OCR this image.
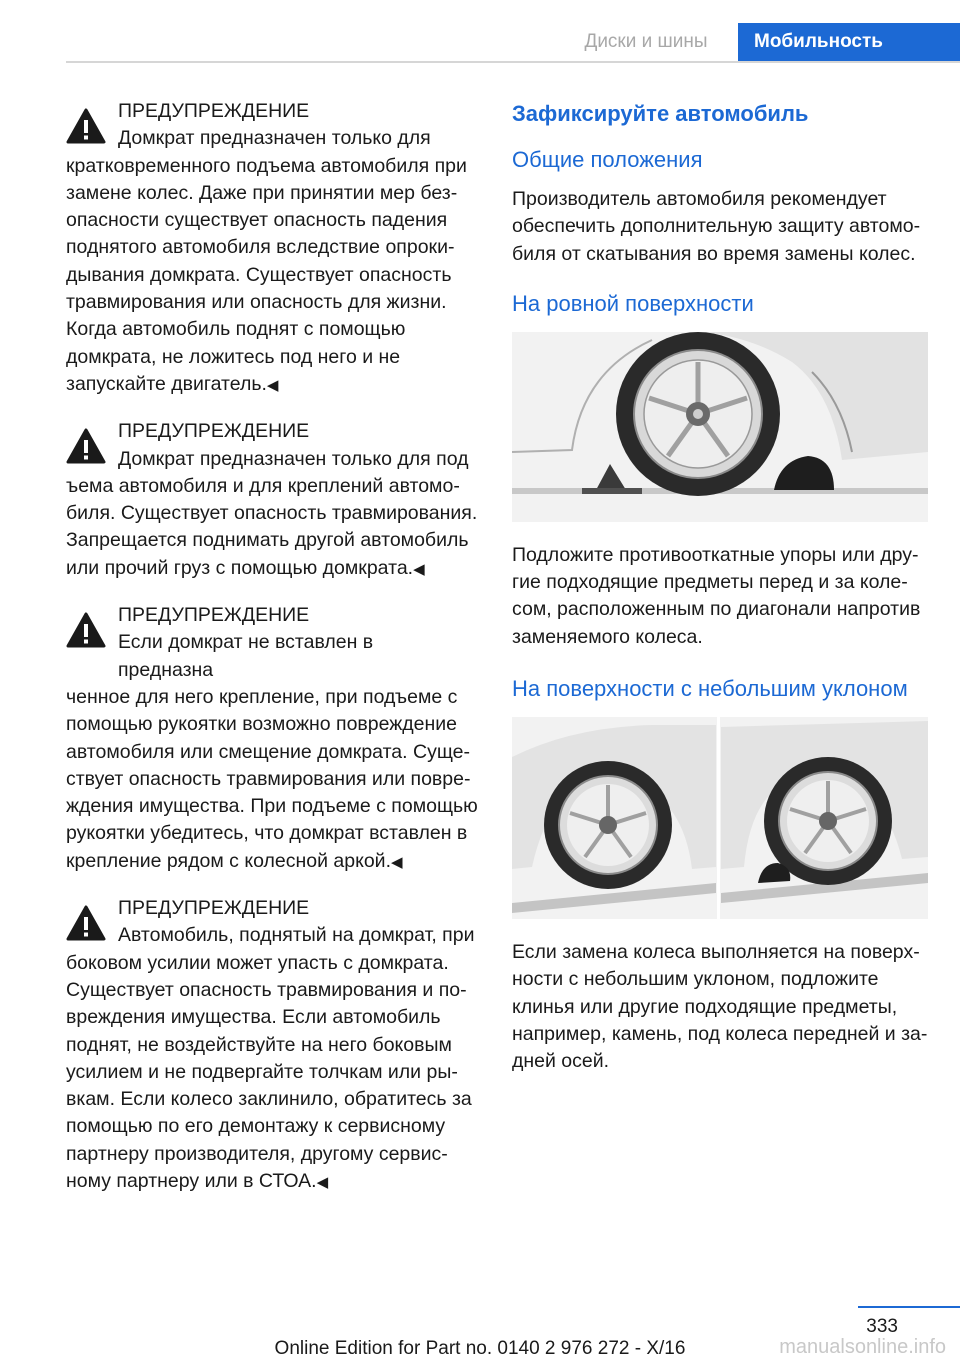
Диски и шины Мобильность
ПРЕДУПРЕЖДЕНИЕ
Домкрат предназначен только для
кратковременного подъема автомобиля при замене колес. Даже при принятии мер безопасности существует опасность падения поднятого автомобиля вследствие опрокидывания домкрата. Существует опасность травмирования или опасность для жизни. Когда автомобиль поднят с помощью домкрата, не ложитесь под него и не запускайте двигатель.◀
ПРЕДУПРЕЖДЕНИЕ
Домкрат предназначен только для под
ъема автомобиля и для креплений автомобиля. Существует опасность травмирования. Запрещается поднимать другой автомобиль или прочий груз с помощью домкрата.◀
ПРЕДУПРЕЖДЕНИЕ
Если домкрат не вставлен в предназна
ченное для него крепление, при подъеме с помощью рукоятки возможно повреждение автомобиля или смещение домкрата. Существует опасность травмирования или повреждения имущества. При подъеме с помощью рукоятки убедитесь, что домкрат вставлен в крепление рядом с колесной аркой.◀
ПРЕДУПРЕЖДЕНИЕ
Автомобиль, поднятый на домкрат, при
боковом усилии может упасть с домкрата. Существует опасность травмирования и повреждения имущества. Если автомобиль поднят, не воздействуйте на него боковым усилием и не подвергайте толчкам или рывкам. Если колесо заклинило, обратитесь за помощью по его демонтажу к сервисному партнеру производителя, другому сервисному партнеру или в СТОА.◀
Зафиксируйте автомобиль
Общие положения

Производитель автомобиля рекомендует обеспечить дополнительную защиту автомобиля от скатывания во время замены колес.

На ровной поверхности

Подложите противооткатные упоры или другие подходящие предметы перед и за колесом, расположенным по диагонали напротив заменяемого колеса.

На поверхности с небольшим уклоном

Если замена колеса выполняется на поверхности с небольшим уклоном, подложите клинья или другие подходящие предметы, например, камень, под колеса передней и задней осей.

333
Online Edition for Part no. 0140 2 976 272 - X/16	manualsonline.info
